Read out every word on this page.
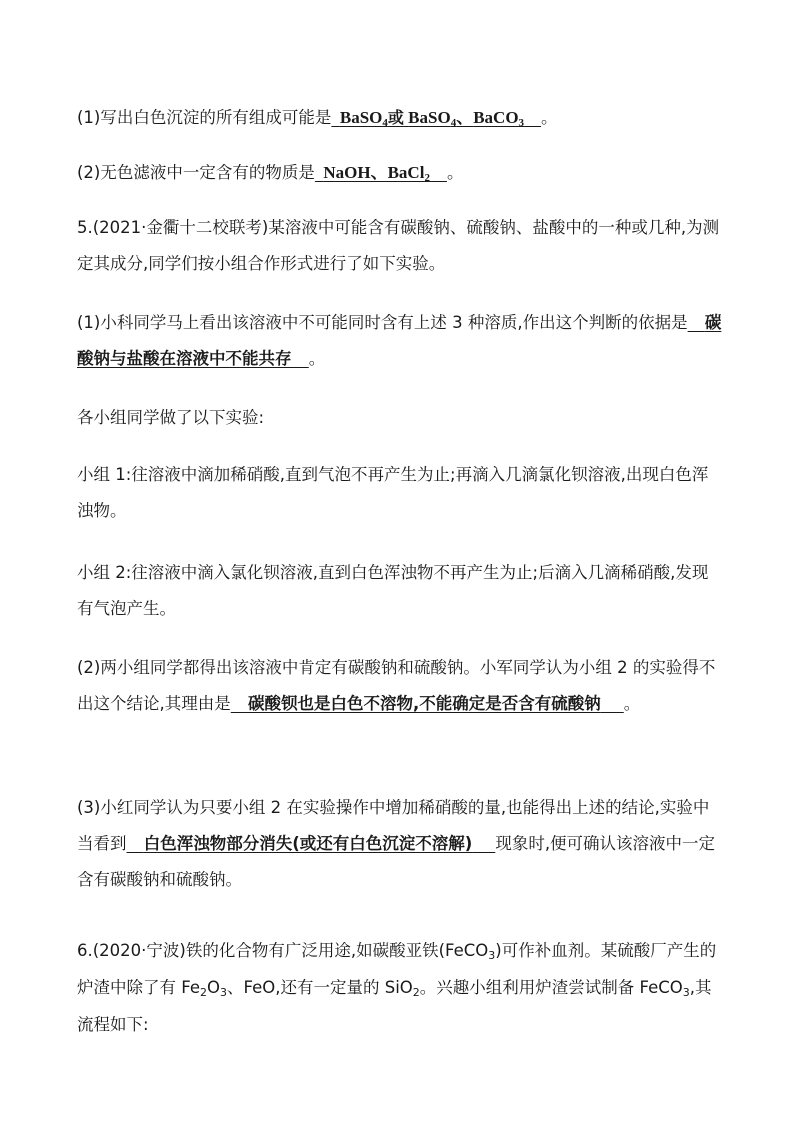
(1)写出白色沉淀的所有组成可能是 BaSO$_4$或 BaSO$_4$、BaCO$_3$ 。

(2)无色滤液中一定含有的物质是 NaOH、BaCl$_2$ 。

5.(2021·金衢十二校联考)某溶液中可能含有碳酸钠、硫酸钠、盐酸中的一种或几种,为测定其成分,同学们按小组合作形式进行了如下实验。

(1)小科同学马上看出该溶液中不可能同时含有上述 3 种溶质,作出这个判断的依据是 碳酸钠与盐酸在溶液中不能共存 。

各小组同学做了以下实验:

小组 1:往溶液中滴加稀硝酸,直到气泡不再产生为止;再滴入几滴氯化钡溶液,出现白色浑浊物。

小组 2:往溶液中滴入氯化钡溶液,直到白色浑浊物不再产生为止;后滴入几滴稀硝酸,发现有气泡产生。

(2)两小组同学都得出该溶液中肯定有碳酸钠和硫酸钠。小军同学认为小组 2 的实验得不出这个结论,其理由是 碳酸钡也是白色不溶物,不能确定是否含有硫酸钠 。

(3)小红同学认为只要小组 2 在实验操作中增加稀硝酸的量,也能得出上述的结论,实验中当看到 白色浑浊物部分消失(或还有白色沉淀不溶解) 现象时,便可确认该溶液中一定含有碳酸钠和硫酸钠。

6.(2020·宁波)铁的化合物有广泛用途,如碳酸亚铁(FeCO$_3$)可作补血剂。某硫酸厂产生的炉渣中除了有 $Fe_2O_3$、FeO,还有一定量的 SiO$_2$。兴趣小组利用炉渣尝试制备 FeCO$_3$,其流程如下:
